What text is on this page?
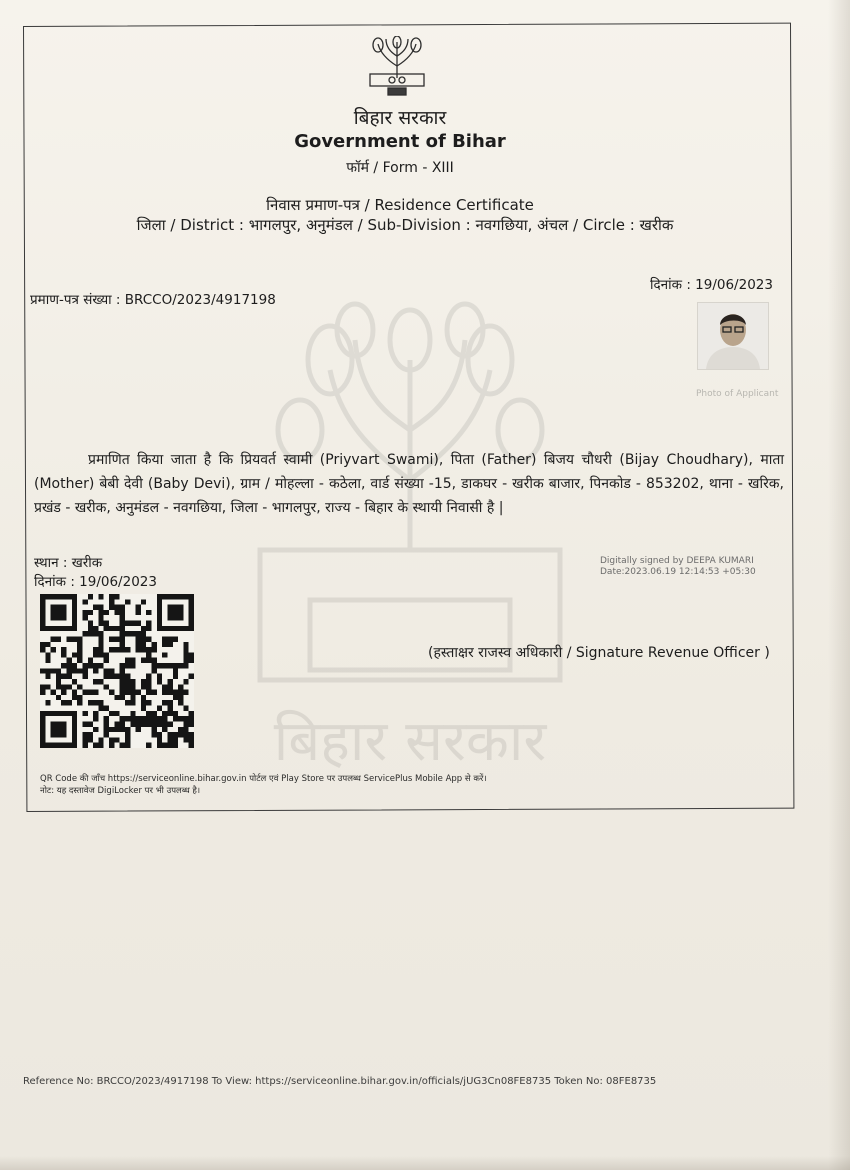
बिहार सरकार
बिहार सरकार
Government of Bihar
फॉर्म / Form - XIII
निवास प्रमाण-पत्र / Residence Certificate
जिला / District : भागलपुर, अनुमंडल / Sub-Division : नवगछिया, अंचल / Circle : खरीक
दिनांक : 19/06/2023
प्रमाण-पत्र संख्या : BRCCO/2023/4917198
Photo of Applicant
प्रमाणित किया जाता है कि प्रियवर्त स्वामी (Priyvart Swami), पिता (Father) बिजय चौधरी (Bijay Choudhary), माता (Mother) बेबी देवी (Baby Devi), ग्राम / मोहल्ला - कठेला, वार्ड संख्या -15, डाकघर - खरीक बाजार, पिनकोड - 853202, थाना - खरिक, प्रखंड - खरीक, अनुमंडल - नवगछिया, जिला - भागलपुर, राज्य - बिहार के स्थायी निवासी है |
स्थान : खरीक
दिनांक : 19/06/2023
Digitally signed by DEEPA KUMARI
Date:2023.06.19 12:14:53 +05:30
(हस्ताक्षर राजस्व अधिकारी / Signature Revenue Officer )
QR Code की जाँच https://serviceonline.bihar.gov.in पोर्टल एवं Play Store पर उपलब्ध ServicePlus Mobile App से करें।
नोट: यह दस्तावेज DigiLocker पर भी उपलब्ध है।
Reference No: BRCCO/2023/4917198 To View: https://serviceonline.bihar.gov.in/officials/jUG3Cn08FE8735 Token No: 08FE8735
